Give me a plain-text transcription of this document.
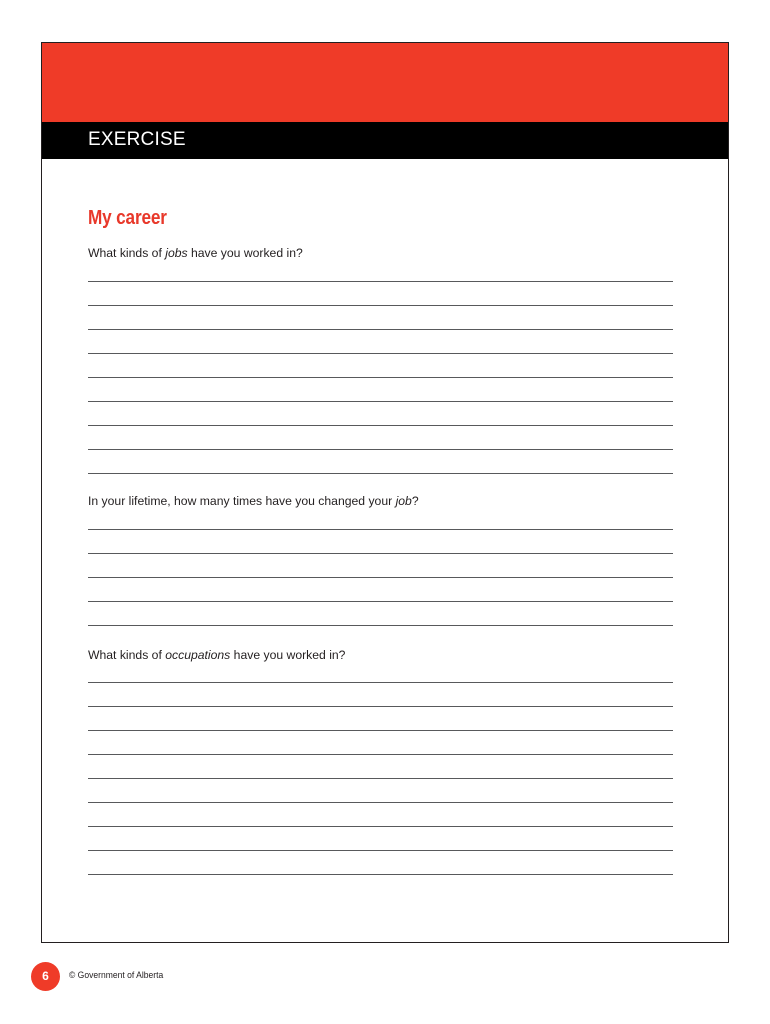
EXERCISE
My career
What kinds of jobs have you worked in?
In your lifetime, how many times have you changed your job?
What kinds of occupations have you worked in?
6	© Government of Alberta
